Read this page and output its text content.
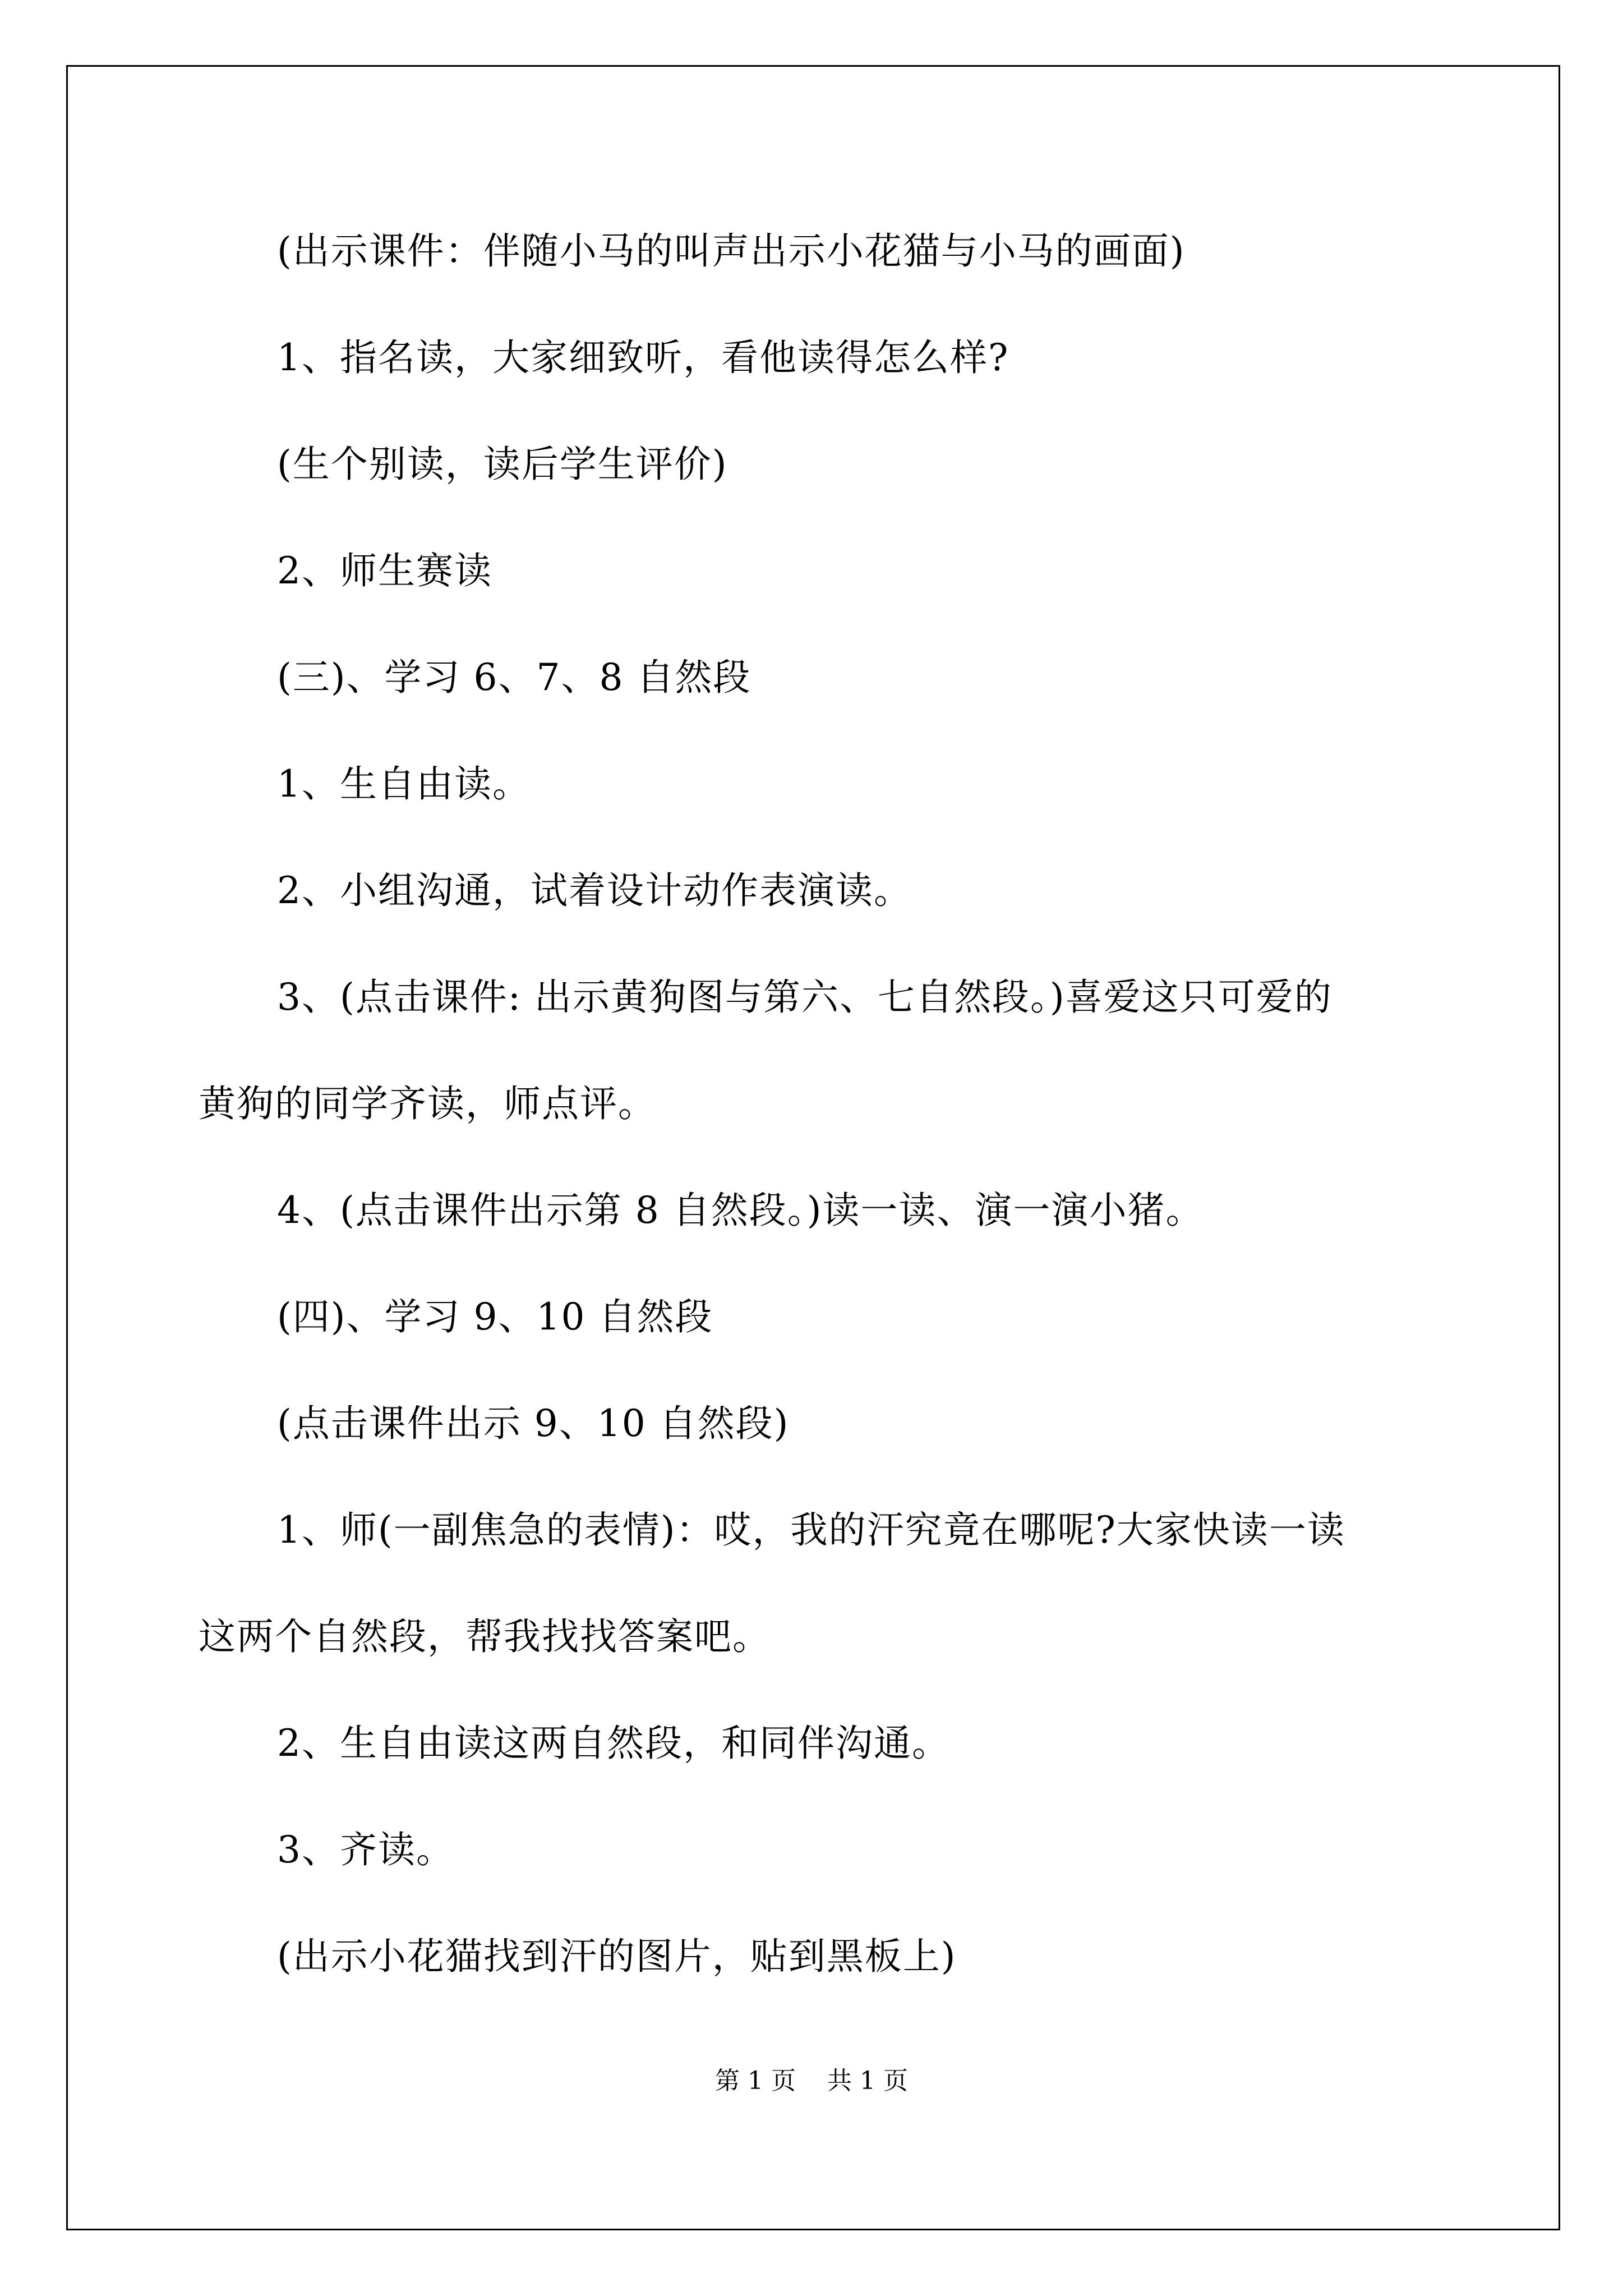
(出示课件：伴随小马的叫声出示小花猫与小马的画面)

1、指名读，大家细致听，看他读得怎么样?

(生个别读，读后学生评价)

2、师生赛读

(三)、学习 6、7、8 自然段

1、生自由读。

2、小组沟通，试着设计动作表演读。

3、(点击课件: 出示黄狗图与第六、七自然段。)喜爱这只可爱的

黄狗的同学齐读，师点评。

4、(点击课件出示第 8 自然段。)读一读、演一演小猪。

(四)、学习 9、10 自然段

(点击课件出示 9、10 自然段)

1、师(一副焦急的表情)：哎，我的汗究竟在哪呢?大家快读一读

这两个自然段，帮我找找答案吧。

2、生自由读这两自然段，和同伴沟通。

3、齐读。

(出示小花猫找到汗的图片，贴到黑板上)

第 1 页 共 1 页
